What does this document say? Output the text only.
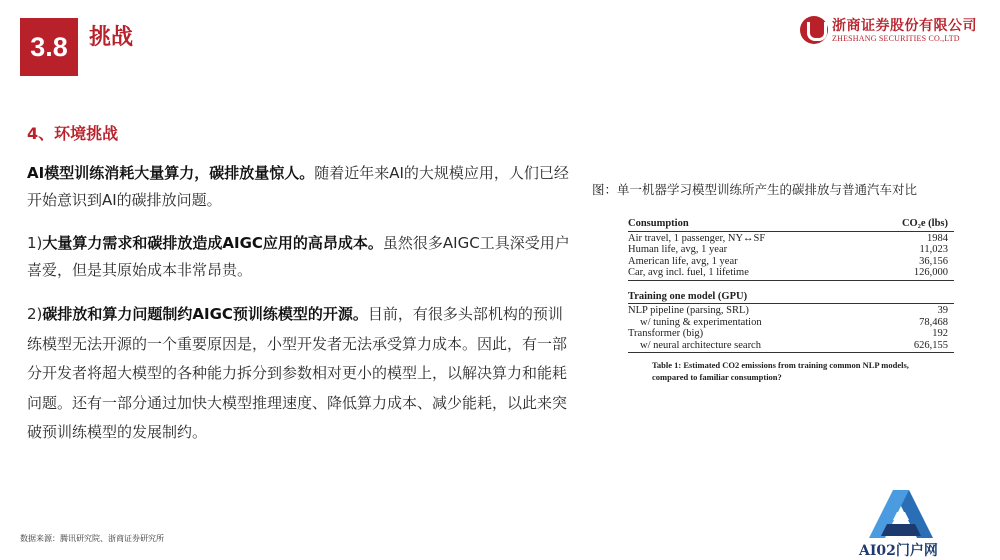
3.8 挑战	浙商证券股份有限公司
ZHESHANG SECURITIES CO.,LTD
4、环境挑战
AI模型训练消耗大量算力，碳排放量惊人。随着近年来AI的大规模应用，人们已经开始意识到AI的碳排放问题。
1)大量算力需求和碳排放造成AIGC应用的高昂成本。虽然很多AIGC工具深受用户喜爱，但是其原始成本非常昂贵。
2)碳排放和算力问题制约AIGC预训练模型的开源。目前，有很多头部机构的预训练模型无法开源的一个重要原因是，小型开发者无法承受算力成本。因此，有一部分开发者将超大模型的各种能力拆分到参数相对更小的模型上，以解决算力和能耗问题。还有一部分通过加快大模型推理速度、降低算力成本、减少能耗，以此来突破预训练模型的发展制约。
图：单一机器学习模型训练所产生的碳排放与普通汽车对比
Consumption	CO₂e (lbs)
Air travel, 1 passenger, NY↔SF	1984
Human life, avg, 1 year	11,023
American life, avg, 1 year	36,156
Car, avg incl. fuel, 1 lifetime	126,000
Training one model (GPU)
NLP pipeline (parsing, SRL)	39
w/ tuning & experimentation	78,468
Transformer (big)	192
w/ neural architecture search	626,155
Table 1: Estimated CO2 emissions from training common NLP models, compared to familiar consumption?
数据来源：腾讯研究院、浙商证券研究所
AI02门户网
